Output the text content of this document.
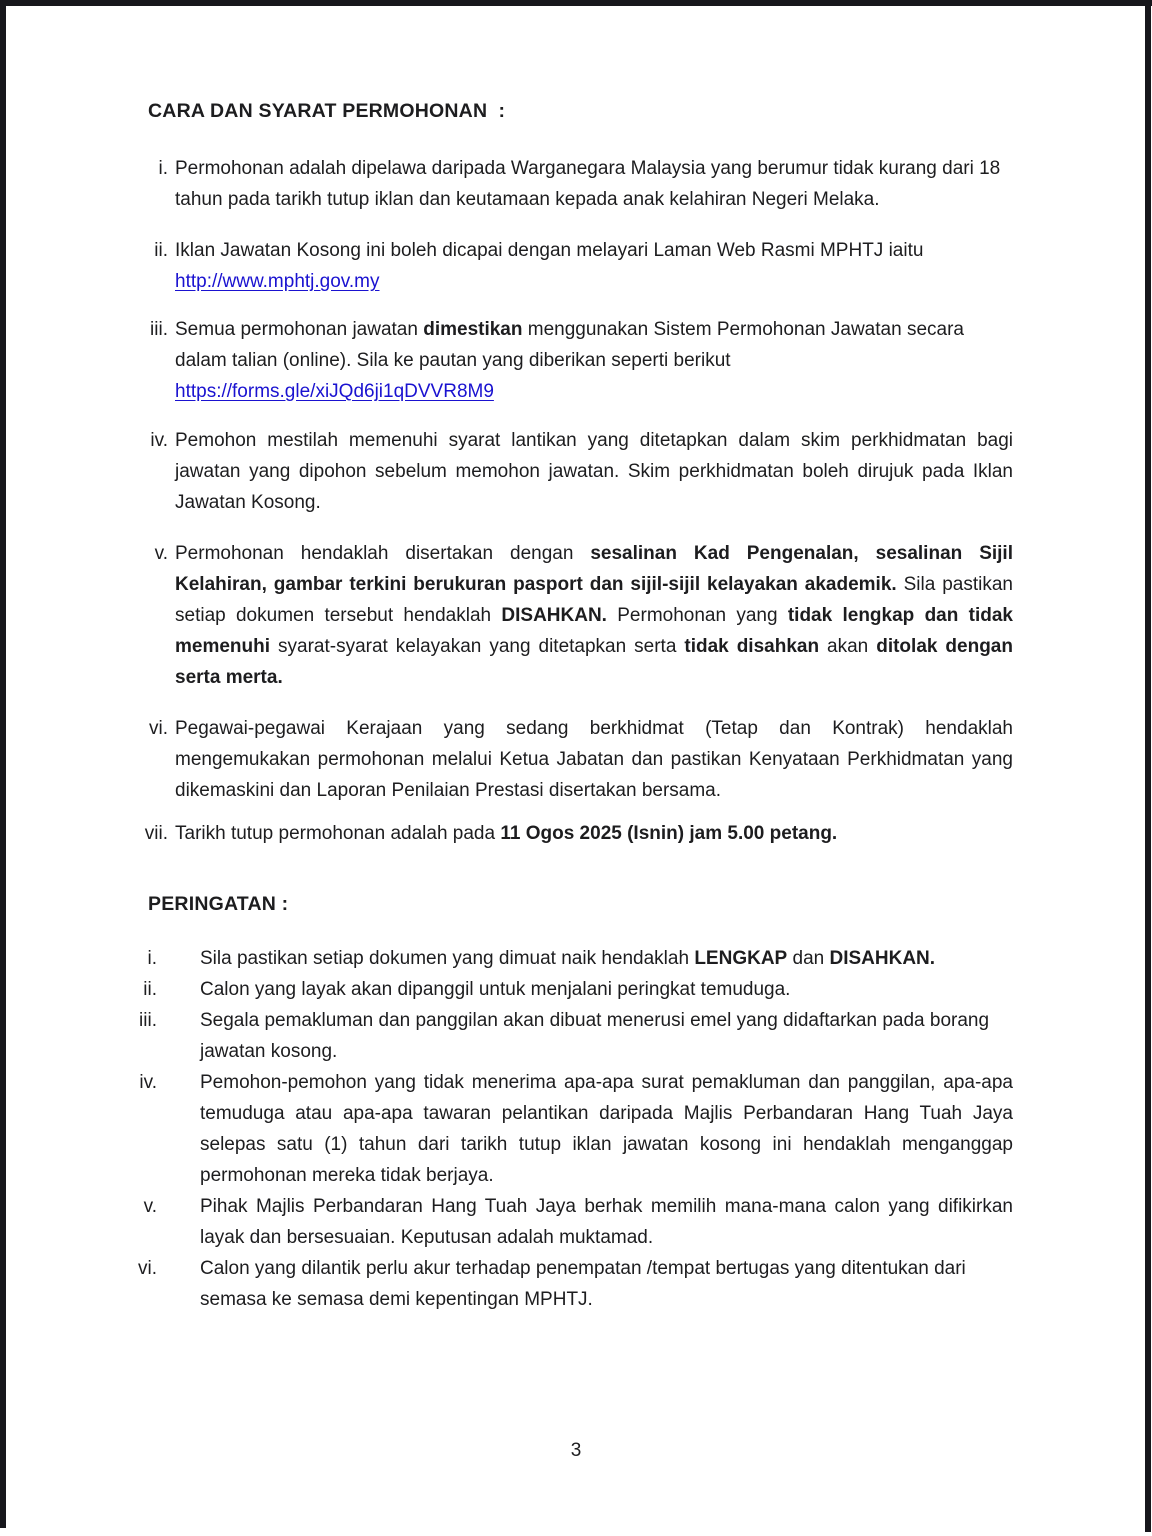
CARA DAN SYARAT PERMOHONAN  :
i. Permohonan adalah dipelawa daripada Warganegara Malaysia yang berumur tidak kurang dari 18 tahun pada tarikh tutup iklan dan keutamaan kepada anak kelahiran Negeri Melaka.
ii. Iklan Jawatan Kosong ini boleh dicapai dengan melayari Laman Web Rasmi MPHTJ iaitu
http://www.mphtj.gov.my
iii. Semua permohonan jawatan dimestikan menggunakan Sistem Permohonan Jawatan secara dalam talian (online). Sila ke pautan yang diberikan seperti berikut
https://forms.gle/xiJQd6ji1qDVVR8M9
iv. Pemohon mestilah memenuhi syarat lantikan yang ditetapkan dalam skim perkhidmatan bagi jawatan yang dipohon sebelum memohon jawatan. Skim perkhidmatan boleh dirujuk pada Iklan Jawatan Kosong.
v. Permohonan hendaklah disertakan dengan sesalinan Kad Pengenalan, sesalinan Sijil Kelahiran, gambar terkini berukuran pasport dan sijil-sijil kelayakan akademik. Sila pastikan setiap dokumen tersebut hendaklah DISAHKAN. Permohonan yang tidak lengkap dan tidak memenuhi syarat-syarat kelayakan yang ditetapkan serta tidak disahkan akan ditolak dengan serta merta.
vi. Pegawai-pegawai Kerajaan yang sedang berkhidmat (Tetap dan Kontrak) hendaklah mengemukakan permohonan melalui Ketua Jabatan dan pastikan Kenyataan Perkhidmatan yang dikemaskini dan Laporan Penilaian Prestasi disertakan bersama.
vii. Tarikh tutup permohonan adalah pada 11 Ogos 2025 (Isnin) jam 5.00 petang.
PERINGATAN :
i.	Sila pastikan setiap dokumen yang dimuat naik hendaklah LENGKAP dan DISAHKAN.
ii.	Calon yang layak akan dipanggil untuk menjalani peringkat temuduga.
iii.	Segala pemakluman dan panggilan akan dibuat menerusi emel yang didaftarkan pada borang jawatan kosong.
iv.	Pemohon-pemohon yang tidak menerima apa-apa surat pemakluman dan panggilan, apa-apa temuduga atau apa-apa tawaran pelantikan daripada Majlis Perbandaran Hang Tuah Jaya selepas satu (1) tahun dari tarikh tutup iklan jawatan kosong ini hendaklah menganggap permohonan mereka tidak berjaya.
v.	Pihak Majlis Perbandaran Hang Tuah Jaya berhak memilih mana-mana calon yang difikirkan layak dan bersesuaian. Keputusan adalah muktamad.
vi.	Calon yang dilantik perlu akur terhadap penempatan /tempat bertugas yang ditentukan dari semasa ke semasa demi kepentingan MPHTJ.
3
